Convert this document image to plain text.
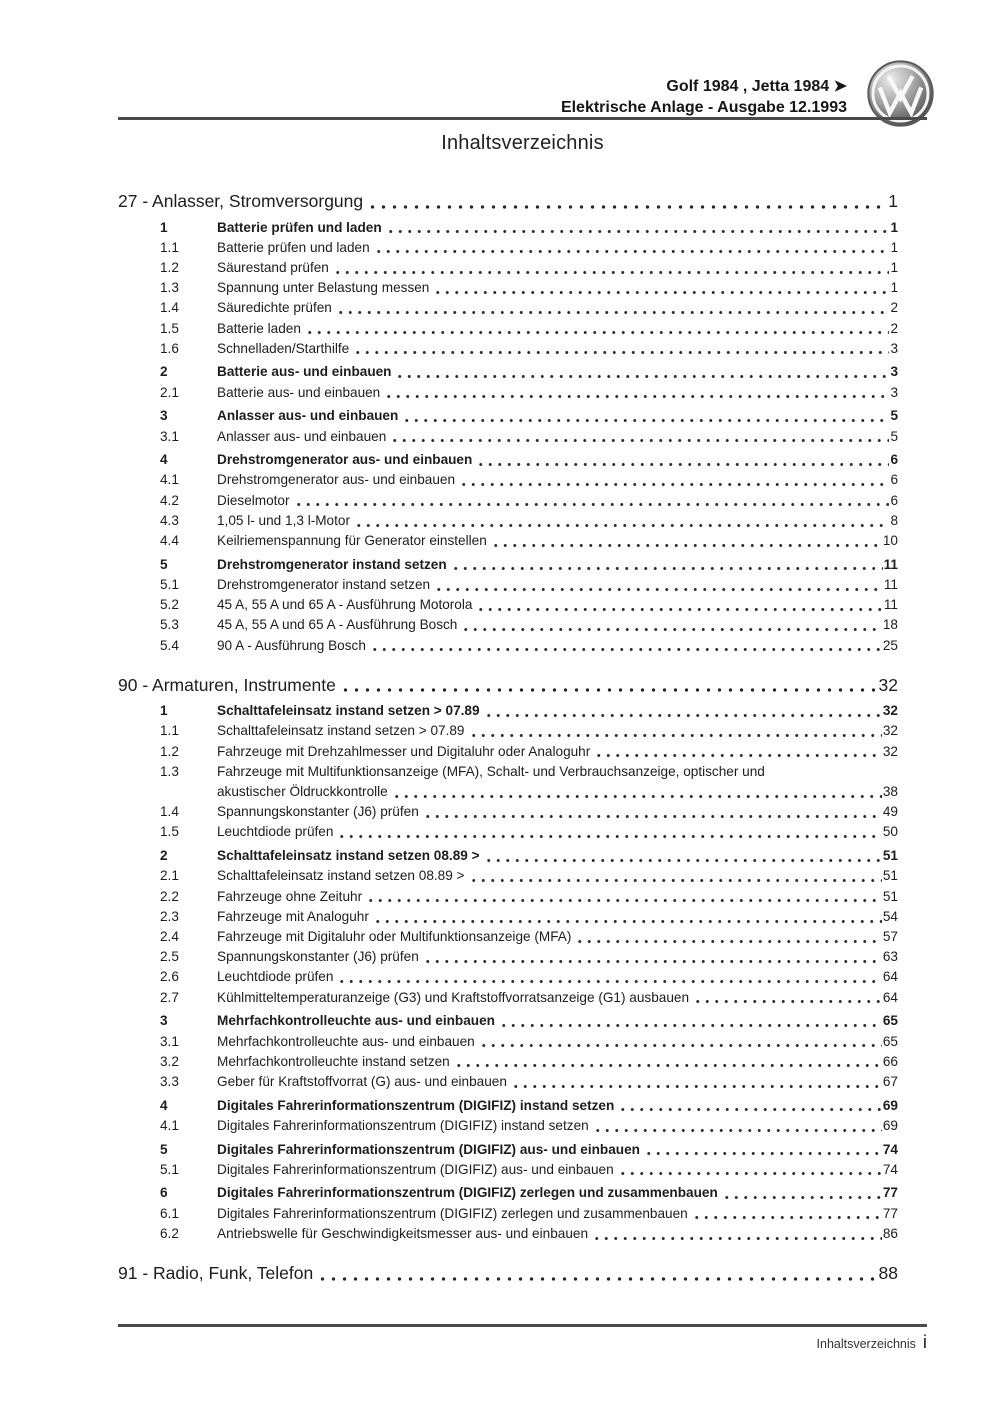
Golf 1984 , Jetta 1984 ➤
Elektrische Anlage - Ausgabe 12.1993
Inhaltsverzeichnis
27 - Anlasser, Stromversorgung	1
1	Batterie prüfen und laden	1
1.1	Batterie prüfen und laden	1
1.2	Säurestand prüfen	1
1.3	Spannung unter Belastung messen	1
1.4	Säuredichte prüfen	2
1.5	Batterie laden	2
1.6	Schnelladen/Starthilfe	3
2	Batterie aus- und einbauen	3
2.1	Batterie aus- und einbauen	3
3	Anlasser aus- und einbauen	5
3.1	Anlasser aus- und einbauen	5
4	Drehstromgenerator aus- und einbauen	6
4.1	Drehstromgenerator aus- und einbauen	6
4.2	Dieselmotor	6
4.3	1,05 l- und 1,3 l-Motor	8
4.4	Keilriemenspannung für Generator einstellen	10
5	Drehstromgenerator instand setzen	11
5.1	Drehstromgenerator instand setzen	11
5.2	45 A, 55 A und 65 A - Ausführung Motorola	11
5.3	45 A, 55 A und 65 A - Ausführung Bosch	18
5.4	90 A - Ausführung Bosch	25
90 - Armaturen, Instrumente	32
1	Schalttafeleinsatz instand setzen > 07.89	32
1.1	Schalttafeleinsatz instand setzen > 07.89	32
1.2	Fahrzeuge mit Drehzahlmesser und Digitaluhr oder Analoguhr	32
1.3	Fahrzeuge mit Multifunktionsanzeige (MFA), Schalt- und Verbrauchsanzeige, optischer und
akustischer Öldruckkontrolle	38
1.4	Spannungskonstanter (J6) prüfen	49
1.5	Leuchtdiode prüfen	50
2	Schalttafeleinsatz instand setzen 08.89 >	51
2.1	Schalttafeleinsatz instand setzen 08.89 >	51
2.2	Fahrzeuge ohne Zeituhr	51
2.3	Fahrzeuge mit Analoguhr	54
2.4	Fahrzeuge mit Digitaluhr oder Multifunktionsanzeige (MFA)	57
2.5	Spannungskonstanter (J6) prüfen	63
2.6	Leuchtdiode prüfen	64
2.7	Kühlmitteltemperaturanzeige (G3) und Kraftstoffvorratsanzeige (G1) ausbauen	64
3	Mehrfachkontrolleuchte aus- und einbauen	65
3.1	Mehrfachkontrolleuchte aus- und einbauen	65
3.2	Mehrfachkontrolleuchte instand setzen	66
3.3	Geber für Kraftstoffvorrat (G) aus- und einbauen	67
4	Digitales Fahrerinformationszentrum (DIGIFIZ) instand setzen	69
4.1	Digitales Fahrerinformationszentrum (DIGIFIZ) instand setzen	69
5	Digitales Fahrerinformationszentrum (DIGIFIZ) aus- und einbauen	74
5.1	Digitales Fahrerinformationszentrum (DIGIFIZ) aus- und einbauen	74
6	Digitales Fahrerinformationszentrum (DIGIFIZ) zerlegen und zusammenbauen	77
6.1	Digitales Fahrerinformationszentrum (DIGIFIZ) zerlegen und zusammenbauen	77
6.2	Antriebswelle für Geschwindigkeitsmesser aus- und einbauen	86
91 - Radio, Funk, Telefon	88
Inhaltsverzeichnis i
